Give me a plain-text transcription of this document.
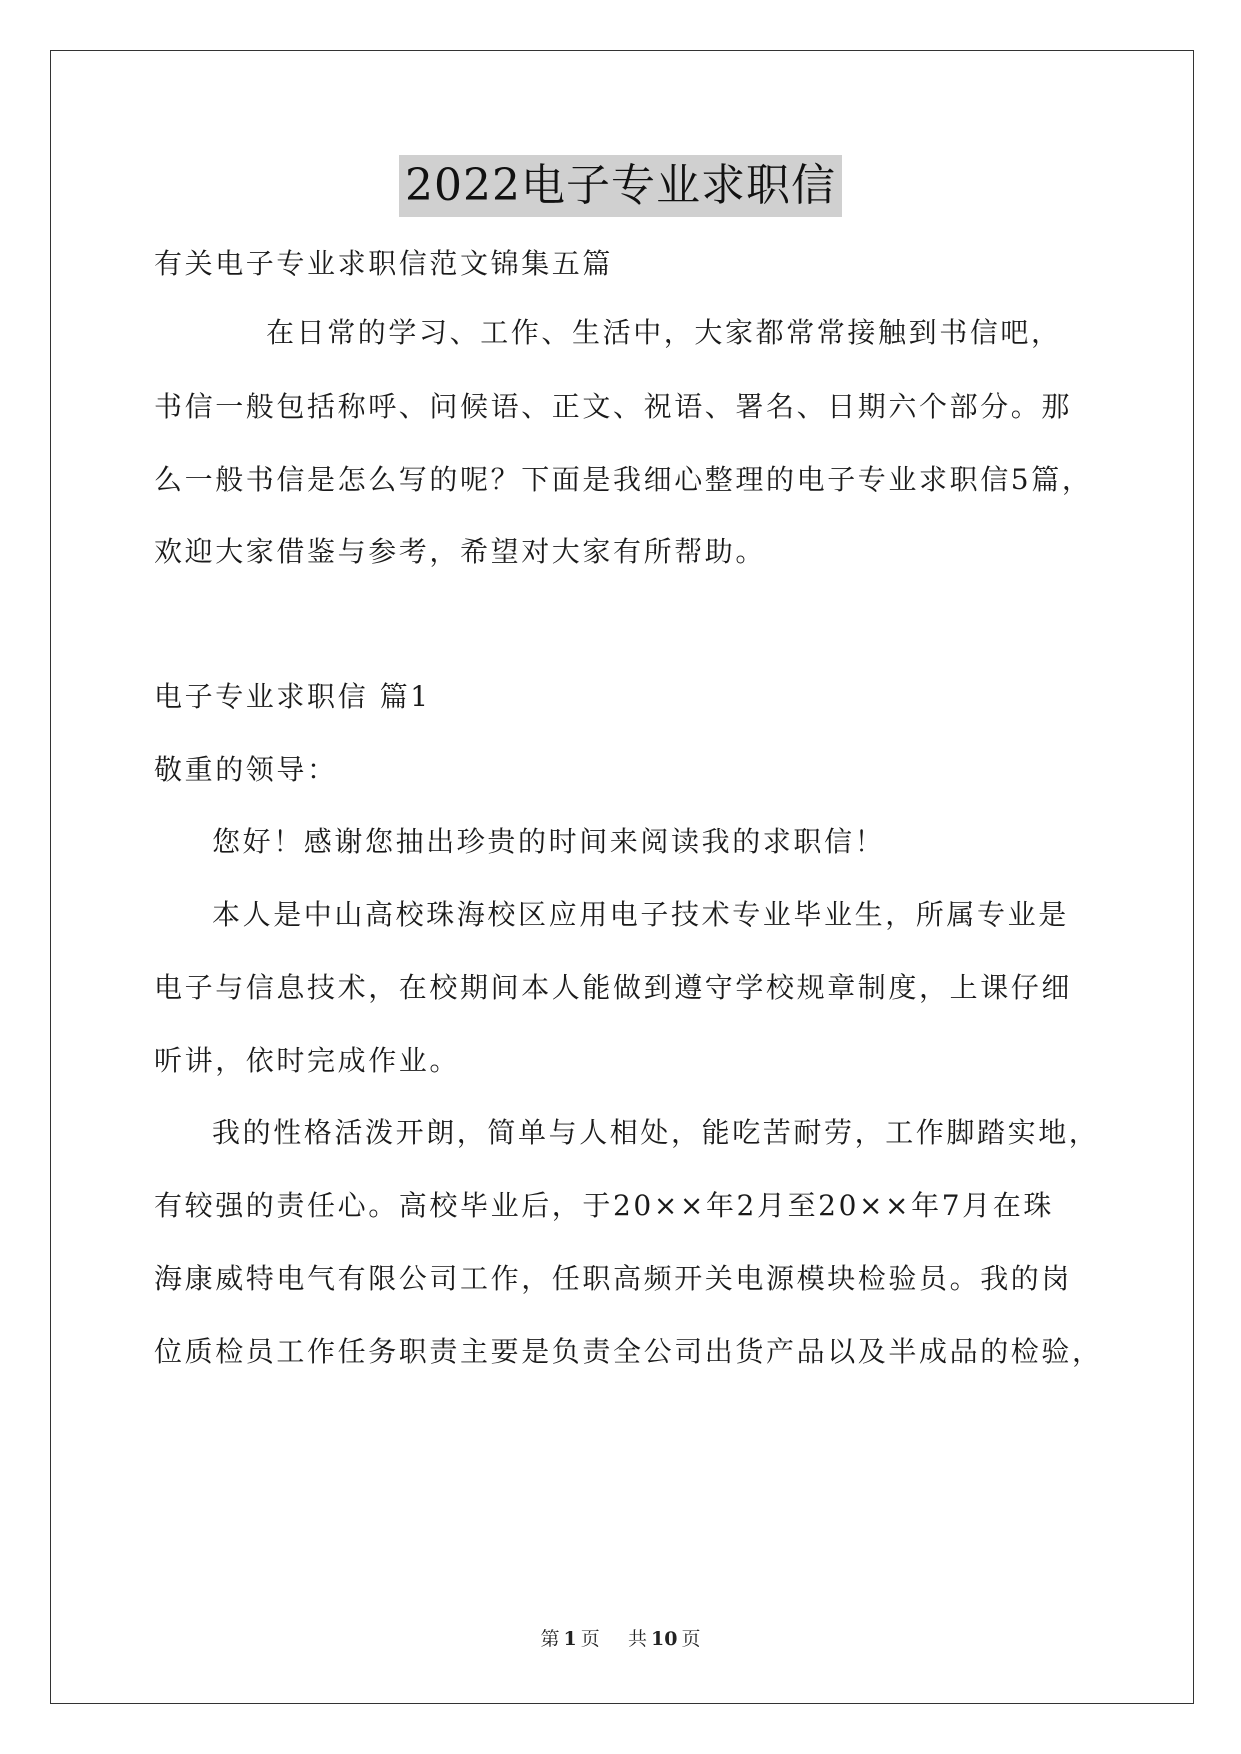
2022电子专业求职信
有关电子专业求职信范文锦集五篇
在日常的学习、工作、生活中，大家都常常接触到书信吧，
书信一般包括称呼、问候语、正文、祝语、署名、日期六个部分。那
么一般书信是怎么写的呢？下面是我细心整理的电子专业求职信5篇，
欢迎大家借鉴与参考，希望对大家有所帮助。
电子专业求职信 篇1
敬重的领导：
您好！感谢您抽出珍贵的时间来阅读我的求职信！
本人是中山高校珠海校区应用电子技术专业毕业生，所属专业是
电子与信息技术，在校期间本人能做到遵守学校规章制度，上课仔细
听讲，依时完成作业。
我的性格活泼开朗，简单与人相处，能吃苦耐劳，工作脚踏实地，
有较强的责任心。高校毕业后，于20××年2月至20××年7月在珠
海康威特电气有限公司工作，任职高频开关电源模块检验员。我的岗
位质检员工作任务职责主要是负责全公司出货产品以及半成品的检验，
第 1 页 共 10 页
